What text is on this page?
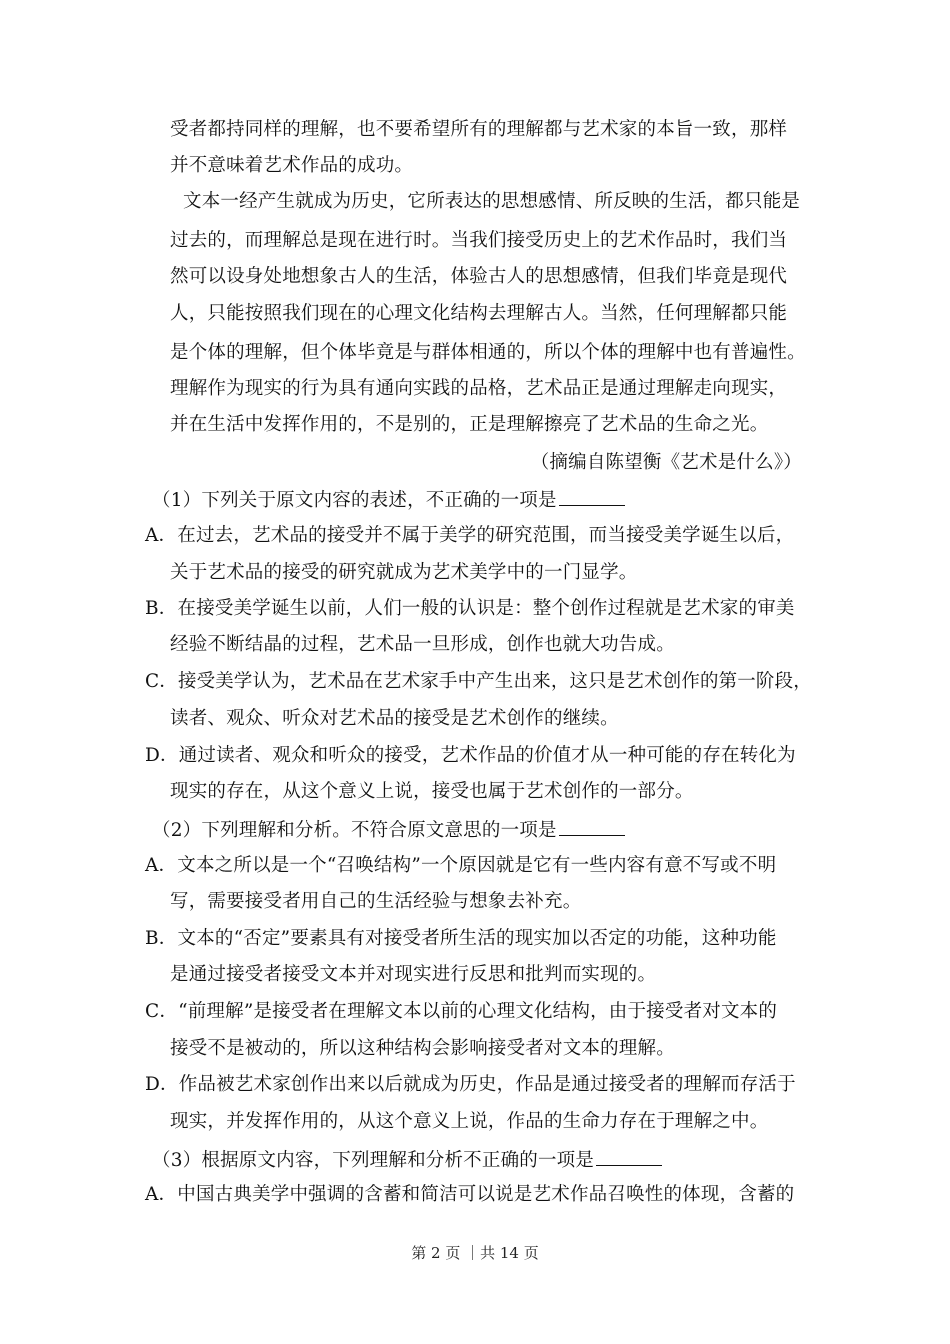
受者都持同样的理解，也不要希望所有的理解都与艺术家的本旨一致，那样
并不意味着艺术作品的成功。
文本一经产生就成为历史，它所表达的思想感情、所反映的生活，都只能是
过去的，而理解总是现在进行时。当我们接受历史上的艺术作品时，我们当
然可以设身处地想象古人的生活，体验古人的思想感情，但我们毕竟是现代
人，只能按照我们现在的心理文化结构去理解古人。当然，任何理解都只能
是个体的理解，但个体毕竟是与群体相通的，所以个体的理解中也有普遍性。
理解作为现实的行为具有通向实践的品格，艺术品正是通过理解走向现实，
并在生活中发挥作用的，不是别的，正是理解擦亮了艺术品的生命之光。
（摘编自陈望衡《艺术是什么》）
（1）下列关于原文内容的表述，不正确的一项是
A．在过去，艺术品的接受并不属于美学的研究范围，而当接受美学诞生以后，
关于艺术品的接受的研究就成为艺术美学中的一门显学。
B．在接受美学诞生以前，人们一般的认识是：整个创作过程就是艺术家的审美
经验不断结晶的过程，艺术品一旦形成，创作也就大功告成。
C．接受美学认为，艺术品在艺术家手中产生出来，这只是艺术创作的第一阶段，
读者、观众、听众对艺术品的接受是艺术创作的继续。
D．通过读者、观众和听众的接受，艺术作品的价值才从一种可能的存在转化为
现实的存在，从这个意义上说，接受也属于艺术创作的一部分。
（2）下列理解和分析。不符合原文意思的一项是
A．文本之所以是一个“召唤结构”一个原因就是它有一些内容有意不写或不明
写，需要接受者用自己的生活经验与想象去补充。
B．文本的“否定”要素具有对接受者所生活的现实加以否定的功能，这种功能
是通过接受者接受文本并对现实进行反思和批判而实现的。
C．“前理解”是接受者在理解文本以前的心理文化结构，由于接受者对文本的
接受不是被动的，所以这种结构会影响接受者对文本的理解。
D．作品被艺术家创作出来以后就成为历史，作品是通过接受者的理解而存活于
现实，并发挥作用的，从这个意义上说，作品的生命力存在于理解之中。
（3）根据原文内容，下列理解和分析不正确的一项是
A．中国古典美学中强调的含蓄和简洁可以说是艺术作品召唤性的体现，含蓄的
第 2 页 ｜共 14 页
